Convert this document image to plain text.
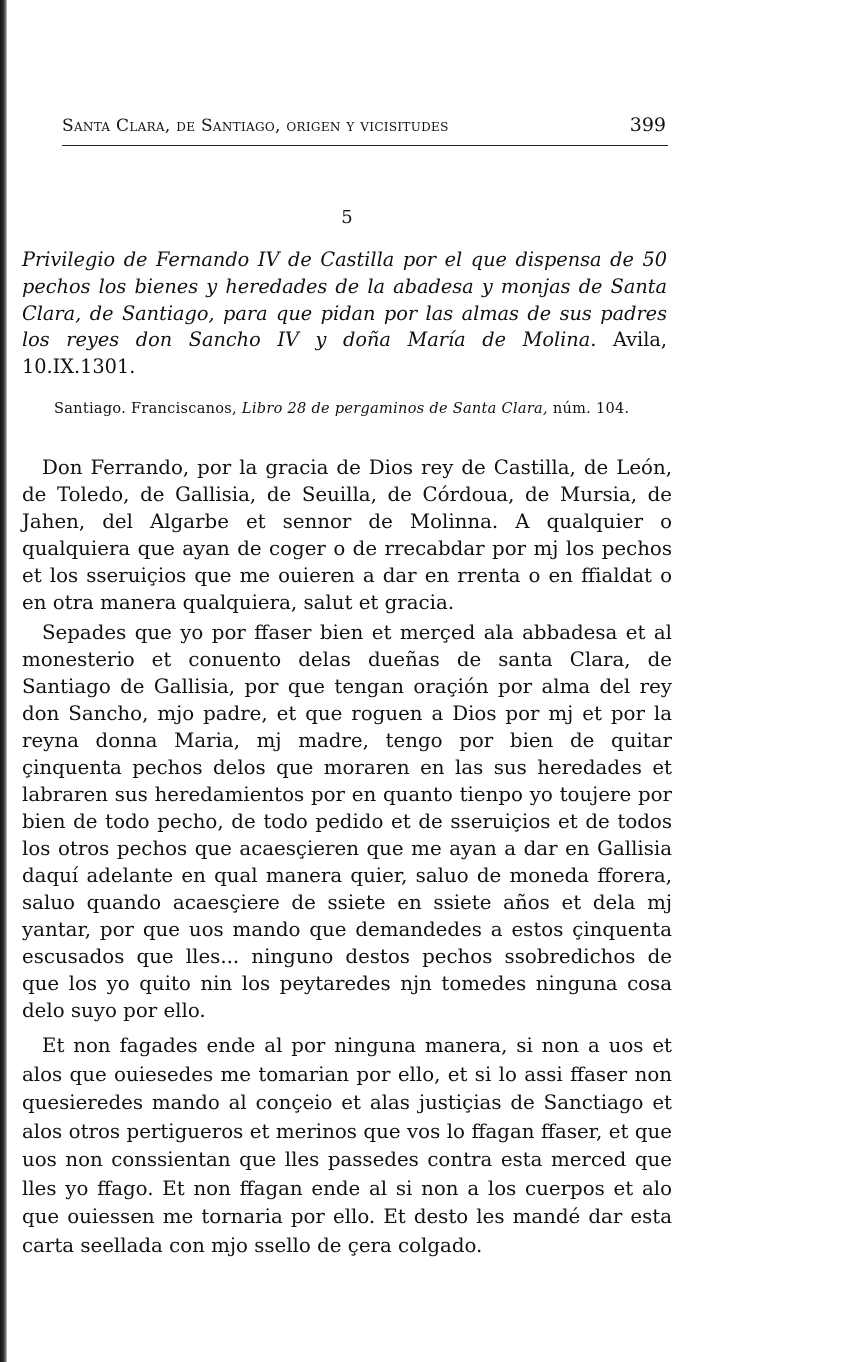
Santa Clara, de Santiago, origen y vicisitudes	399
5

Privilegio de Fernando IV de Castilla por el que dispensa de 50 pechos los bienes y heredades de la abadesa y monjas de Santa Clara, de Santiago, para que pidan por las almas de sus padres los reyes don Sancho IV y doña María de Molina. Avila, 10.IX.1301.

Santiago. Franciscanos, Libro 28 de pergaminos de Santa Clara, núm. 104.

Don Ferrando, por la gracia de Dios rey de Castilla, de León, de Toledo, de Gallisia, de Seuilla, de Córdoua, de Mursia, de Jahen, del Algarbe et sennor de Molinna. A qualquier o qualquiera que ayan de coger o de rrecabdar por mj los pechos et los sseruiçios que me ouieren a dar en rrenta o en ffialdat o en otra manera qualquiera, salut et gracia.

Sepades que yo por ffaser bien et merçed ala abbadesa et al monesterio et conuento delas dueñas de santa Clara, de Santiago de Gallisia, por que tengan oraçión por alma del rey don Sancho, mjo padre, et que roguen a Dios por mj et por la reyna donna Maria, mj madre, tengo por bien de quitar çinquenta pechos delos que moraren en las sus heredades et labraren sus heredamientos por en quanto tienpo yo toujere por bien de todo pecho, de todo pedido et de sseruiçios et de todos los otros pechos que acaesçieren que me ayan a dar en Gallisia daquí adelante en qual manera quier, saluo de moneda fforera, saluo quando acaesçiere de ssiete en ssiete años et dela mj yantar, por que uos mando que demandedes a estos çinquenta escusados que lles... ninguno destos pechos ssobredichos de que los yo quito nin los peytaredes njn tomedes ninguna cosa delo suyo por ello.

Et non fagades ende al por ninguna manera, si non a uos et alos que ouiesedes me tomarian por ello, et si lo assi ffaser non quesieredes mando al conçeio et alas justiçias de Sanctiago et alos otros pertigueros et merinos que vos lo ffagan ffaser, et que uos non conssientan que lles passedes contra esta merced que lles yo ffago. Et non ffagan ende al si non a los cuerpos et alo que ouiessen me tornaria por ello. Et desto les mandé dar esta carta seellada con mjo ssello de çera colgado.
